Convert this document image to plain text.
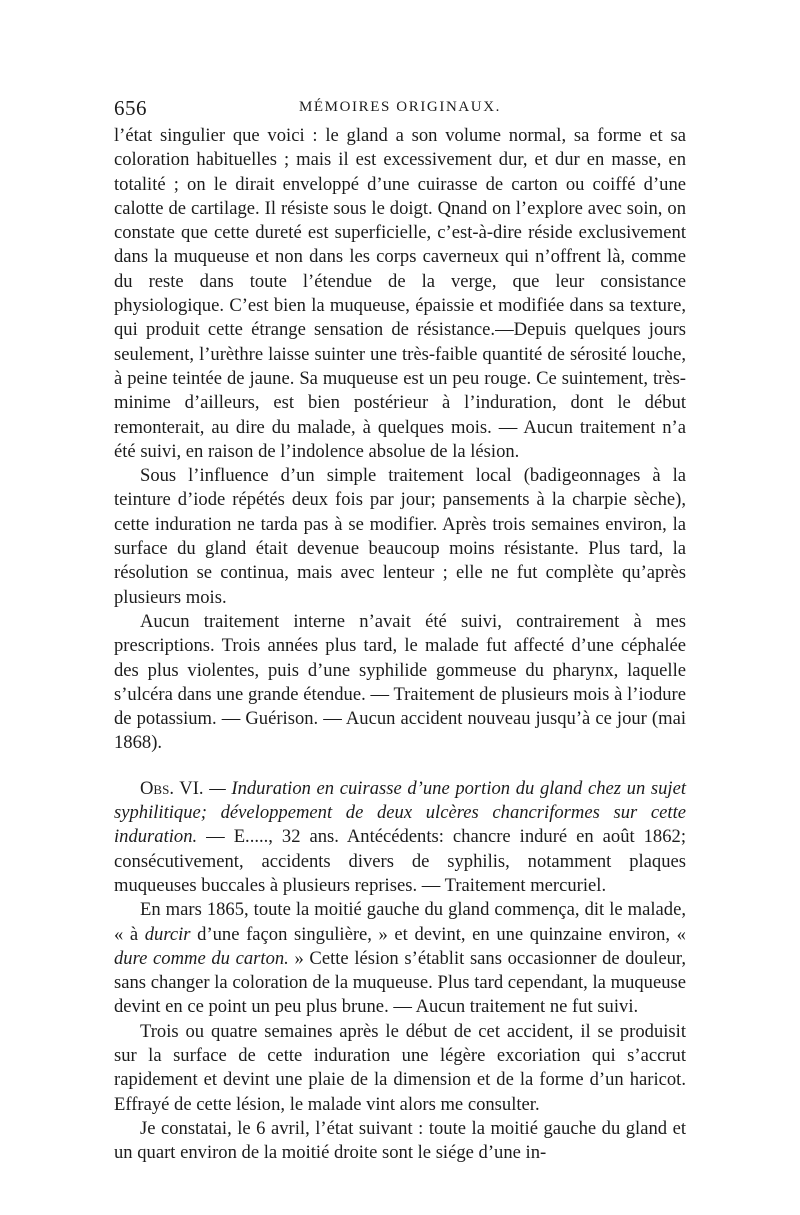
656	MÉMOIRES ORIGINAUX.

l’état singulier que voici : le gland a son volume normal, sa forme et sa coloration habituelles ; mais il est excessivement dur, et dur en masse, en totalité ; on le dirait enveloppé d’une cuirasse de carton ou coiffé d’une calotte de cartilage. Il résiste sous le doigt. Qnand on l’explore avec soin, on constate que cette dureté est superficielle, c’est-à-dire réside exclusivement dans la muqueuse et non dans les corps caverneux qui n’offrent là, comme du reste dans toute l’étendue de la verge, que leur consistance physiologique. C’est bien la muqueuse, épaissie et modifiée dans sa texture, qui produit cette étrange sensation de résistance.—Depuis quelques jours seulement, l’urèthre laisse suinter une très-faible quantité de sérosité louche, à peine teintée de jaune. Sa muqueuse est un peu rouge. Ce suintement, très-minime d’ailleurs, est bien postérieur à l’induration, dont le début remonterait, au dire du malade, à quelques mois. — Aucun traitement n’a été suivi, en raison de l’indolence absolue de la lésion.

Sous l’influence d’un simple traitement local (badigeonnages à la teinture d’iode répétés deux fois par jour; pansements à la charpie sèche), cette induration ne tarda pas à se modifier. Après trois semaines environ, la surface du gland était devenue beaucoup moins résistante. Plus tard, la résolution se continua, mais avec lenteur ; elle ne fut complète qu’après plusieurs mois.

Aucun traitement interne n’avait été suivi, contrairement à mes prescriptions. Trois années plus tard, le malade fut affecté d’une céphalée des plus violentes, puis d’une syphilide gommeuse du pharynx, laquelle s’ulcéra dans une grande étendue. — Traitement de plusieurs mois à l’iodure de potassium. — Guérison. — Aucun accident nouveau jusqu’à ce jour (mai 1868).

Obs. VI. — Induration en cuirasse d’une portion du gland chez un sujet syphilitique; développement de deux ulcères chancriformes sur cette induration. — E....., 32 ans. Antécédents: chancre induré en août 1862; consécutivement, accidents divers de syphilis, notamment plaques muqueuses buccales à plusieurs reprises. — Traitement mercuriel.

En mars 1865, toute la moitié gauche du gland commença, dit le malade, « à durcir d’une façon singulière, » et devint, en une quinzaine environ, « dure comme du carton. » Cette lésion s’établit sans occasionner de douleur, sans changer la coloration de la muqueuse. Plus tard cependant, la muqueuse devint en ce point un peu plus brune. — Aucun traitement ne fut suivi.

Trois ou quatre semaines après le début de cet accident, il se produisit sur la surface de cette induration une légère excoriation qui s’accrut rapidement et devint une plaie de la dimension et de la forme d’un haricot. Effrayé de cette lésion, le malade vint alors me consulter.

Je constatai, le 6 avril, l’état suivant : toute la moitié gauche du gland et un quart environ de la moitié droite sont le siége d’une in-
